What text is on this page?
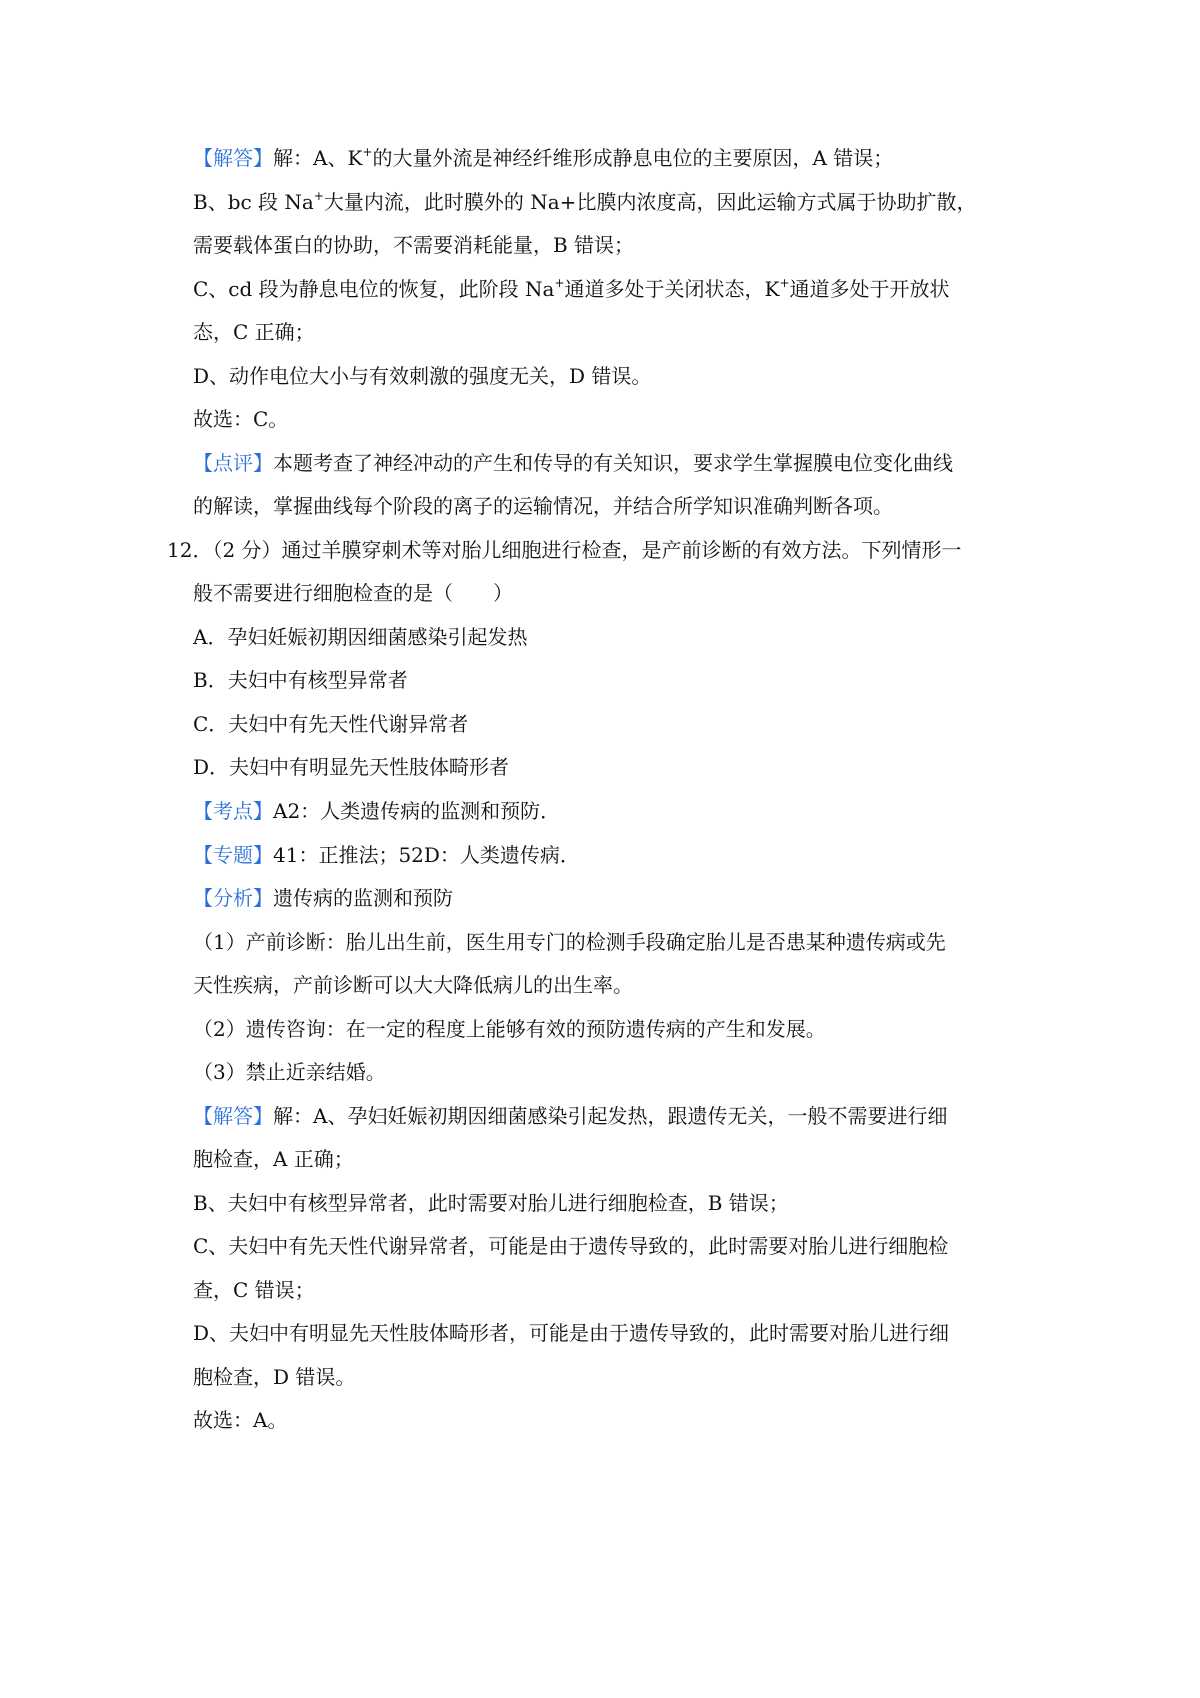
【解答】解：A、K+的大量外流是神经纤维形成静息电位的主要原因，A 错误；
B、bc 段 Na+大量内流，此时膜外的 Na+比膜内浓度高，因此运输方式属于协助扩散，
需要载体蛋白的协助，不需要消耗能量，B 错误；
C、cd 段为静息电位的恢复，此阶段 Na+通道多处于关闭状态，K+通道多处于开放状
态，C 正确；
D、动作电位大小与有效刺激的强度无关，D 错误。
故选：C。
【点评】本题考查了神经冲动的产生和传导的有关知识，要求学生掌握膜电位变化曲线
的解读，掌握曲线每个阶段的离子的运输情况，并结合所学知识准确判断各项。
12．（2 分）通过羊膜穿刺术等对胎儿细胞进行检查，是产前诊断的有效方法。下列情形一
般不需要进行细胞检查的是（　　）
A．孕妇妊娠初期因细菌感染引起发热
B．夫妇中有核型异常者
C．夫妇中有先天性代谢异常者
D．夫妇中有明显先天性肢体畸形者
【考点】A2：人类遗传病的监测和预防．
【专题】41：正推法；52D：人类遗传病．
【分析】遗传病的监测和预防
（1）产前诊断：胎儿出生前，医生用专门的检测手段确定胎儿是否患某种遗传病或先
天性疾病，产前诊断可以大大降低病儿的出生率。
（2）遗传咨询：在一定的程度上能够有效的预防遗传病的产生和发展。
（3）禁止近亲结婚。
【解答】解：A、孕妇妊娠初期因细菌感染引起发热，跟遗传无关，一般不需要进行细
胞检查，A 正确；
B、夫妇中有核型异常者，此时需要对胎儿进行细胞检查，B 错误；
C、夫妇中有先天性代谢异常者，可能是由于遗传导致的，此时需要对胎儿进行细胞检
查，C 错误；
D、夫妇中有明显先天性肢体畸形者，可能是由于遗传导致的，此时需要对胎儿进行细
胞检查，D 错误。
故选：A。
